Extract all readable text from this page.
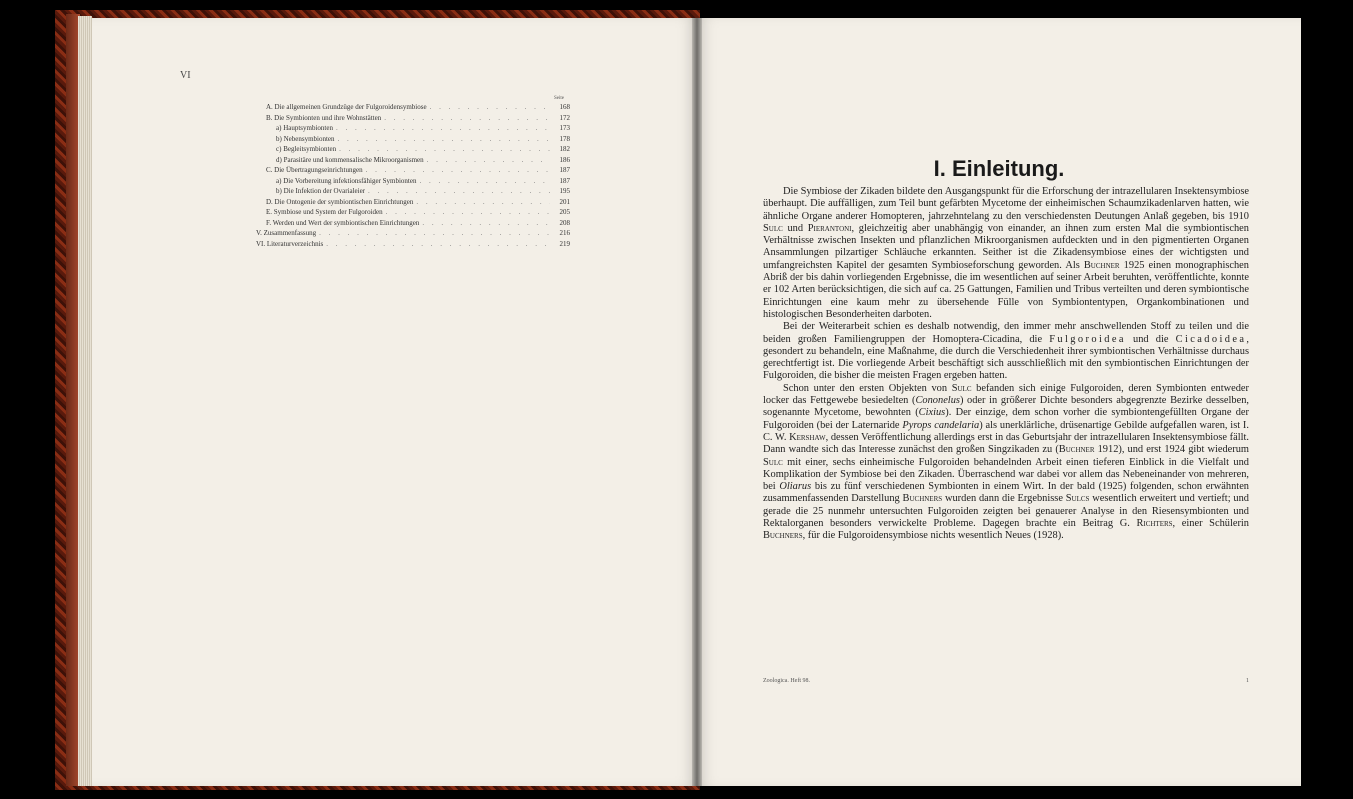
VI
Seite
A. Die allgemeinen Grundzüge der Fulgoroidensymbiose . . .	168
B. Die Symbionten und ihre Wohnstätten . . .	172
a) Hauptsymbionten . . .	173
b) Nebensymbionten . . .	178
c) Begleitsymbionten . . .	182
d) Parasitäre und kommensalische Mikroorganismen . . .	186
C. Die Übertragungseinrichtungen . . .	187
a) Die Vorbereitung infektionsfähiger Symbionten . . .	187
b) Die Infektion der Ovarialeier . . .	195
D. Die Ontogenie der symbiontischen Einrichtungen . . .	201
E. Symbiose und System der Fulgoroiden . . .	205
F. Werden und Wert der symbiontischen Einrichtungen . . .	208
V. Zusammenfassung . . .	216
VI. Literaturverzeichnis . . .	219
I. Einleitung.

Die Symbiose der Zikaden bildete den Ausgangspunkt für die Erforschung der intrazellularen Insektensymbiose überhaupt. Die auffälligen, zum Teil bunt gefärbten Mycetome der einheimischen Schaumzikadenlarven hatten, wie ähnliche Organe anderer Homopteren, jahrzehntelang zu den verschiedensten Deutungen Anlaß gegeben, bis 1910 Sulc und Pierantoni, gleichzeitig aber unabhängig von einander, an ihnen zum ersten Mal die symbiontischen Verhältnisse zwischen Insekten und pflanzlichen Mikroorganismen aufdeckten und in den pigmentierten Organen Ansammlungen pilzartiger Schläuche erkannten. Seither ist die Zikadensymbiose eines der wichtigsten und umfangreichsten Kapitel der gesamten Symbioseforschung geworden. Als Buchner 1925 einen monographischen Abriß der bis dahin vorliegenden Ergebnisse, die im wesentlichen auf seiner Arbeit beruhten, veröffentlichte, konnte er 102 Arten berücksichtigen, die sich auf ca. 25 Gattungen, Familien und Tribus verteilten und deren symbiontische Einrichtungen eine kaum mehr zu übersehende Fülle von Symbiontentypen, Organkombinationen und histologischen Besonderheiten darboten.

Bei der Weiterarbeit schien es deshalb notwendig, den immer mehr anschwellenden Stoff zu teilen und die beiden großen Familiengruppen der Homoptera-Cicadina, die Fulgoroidea und die Cicadoidea, gesondert zu behandeln, eine Maßnahme, die durch die Verschiedenheit ihrer symbiontischen Verhältnisse durchaus gerechtfertigt ist. Die vorliegende Arbeit beschäftigt sich ausschließlich mit den symbiontischen Einrichtungen der Fulgoroiden, die bisher die meisten Fragen ergeben hatten.

Schon unter den ersten Objekten von Sulc befanden sich einige Fulgoroiden, deren Symbionten entweder locker das Fettgewebe besiedelten (Cononelus) oder in größerer Dichte besonders abgegrenzte Bezirke desselben, sogenannte Mycetome, bewohnten (Cixius). Der einzige, dem schon vorher die symbiontengefüllten Organe der Fulgoroiden (bei der Laternaride Pyrops candelaria) als unerklärliche, drüsenartige Gebilde aufgefallen waren, ist I. C. W. Kershaw, dessen Veröffentlichung allerdings erst in das Geburtsjahr der intrazellularen Insektensymbiose fällt. Dann wandte sich das Interesse zunächst den großen Singzikaden zu (Buchner 1912), und erst 1924 gibt wiederum Sulc mit einer, sechs einheimische Fulgoroiden behandelnden Arbeit einen tieferen Einblick in die Vielfalt und Komplikation der Symbiose bei den Zikaden. Überraschend war dabei vor allem das Nebeneinander von mehreren, bei Oliarus bis zu fünf verschiedenen Symbionten in einem Wirt. In der bald (1925) folgenden, schon erwähnten zusammenfassenden Darstellung Buchners wurden dann die Ergebnisse Sulcs wesentlich erweitert und vertieft; und gerade die 25 nunmehr untersuchten Fulgoroiden zeigten bei genauerer Analyse in den Riesensymbionten und Rektalorganen besonders verwickelte Probleme. Dagegen brachte ein Beitrag G. Richters, einer Schülerin Buchners, für die Fulgoroidensymbiose nichts wesentlich Neues (1928).

Zoologica. Heft 98.	1
